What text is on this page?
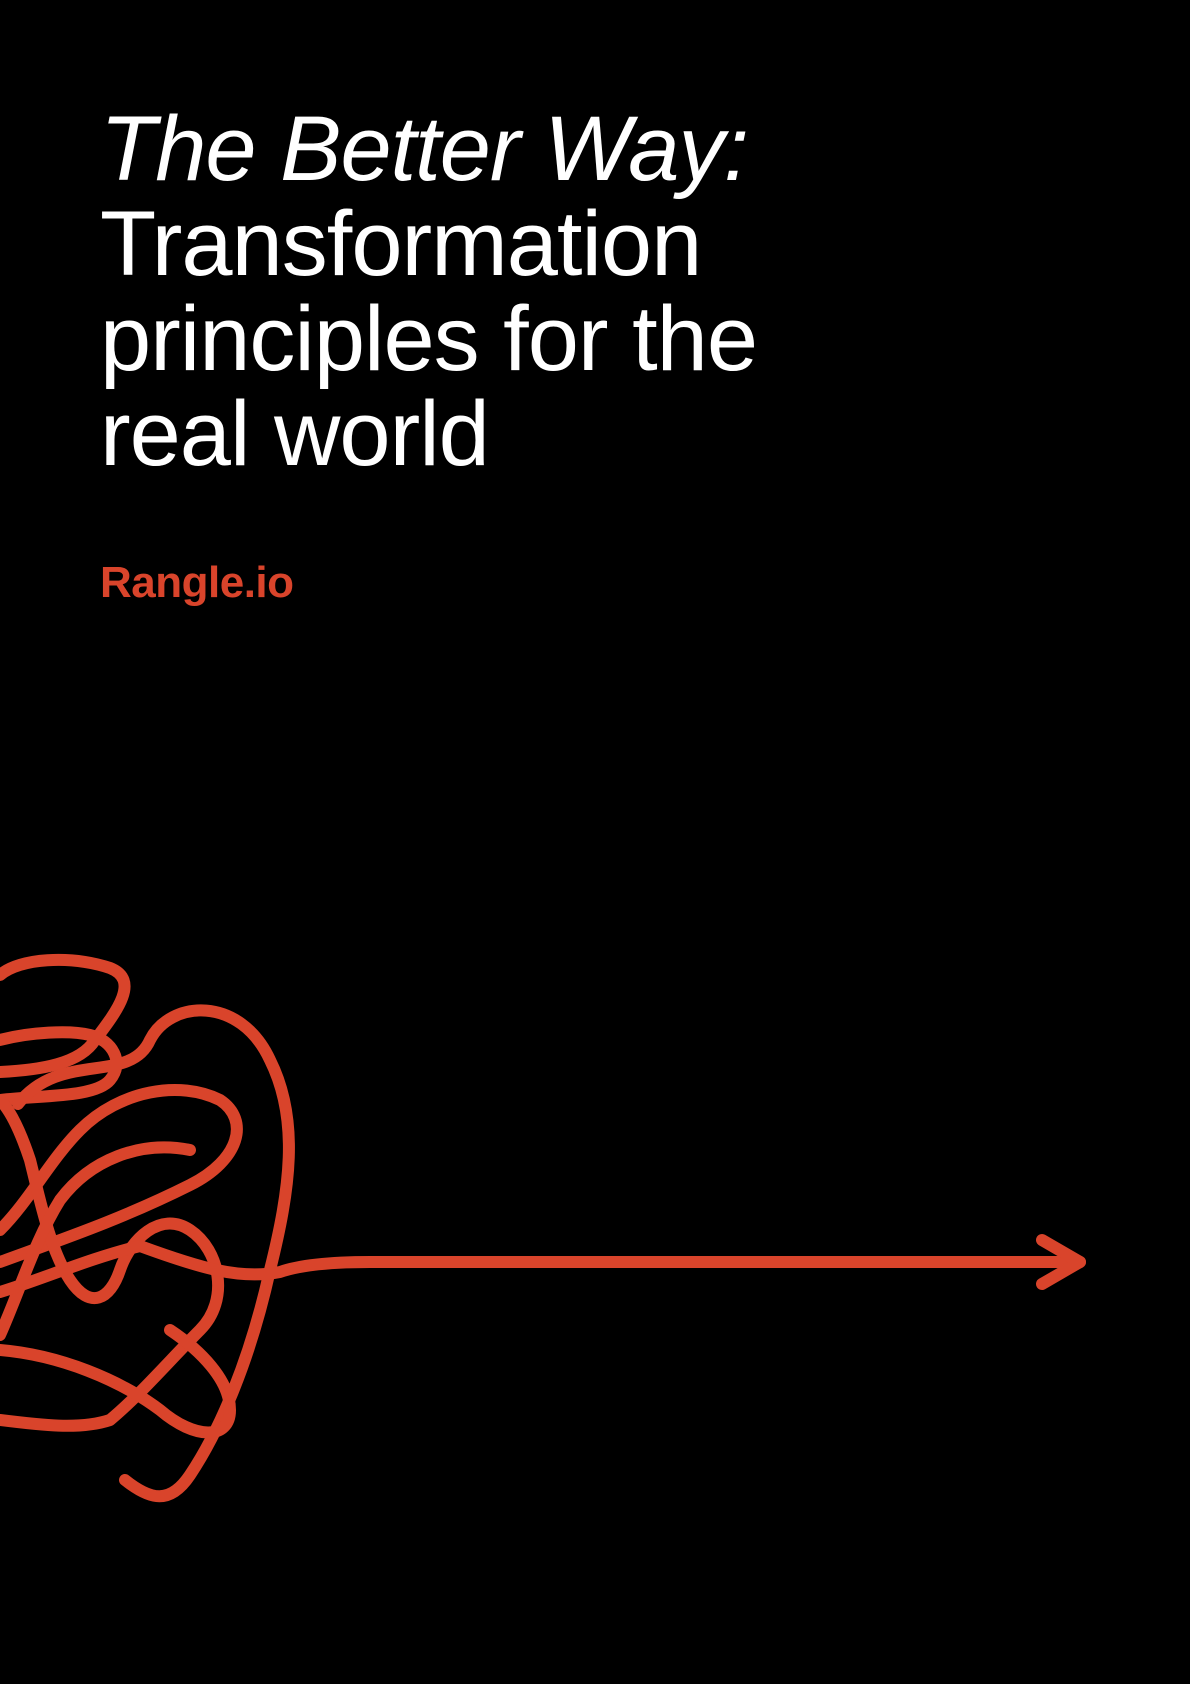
The Better Way:
Transformation
principles for the
real world
Rangle.io
